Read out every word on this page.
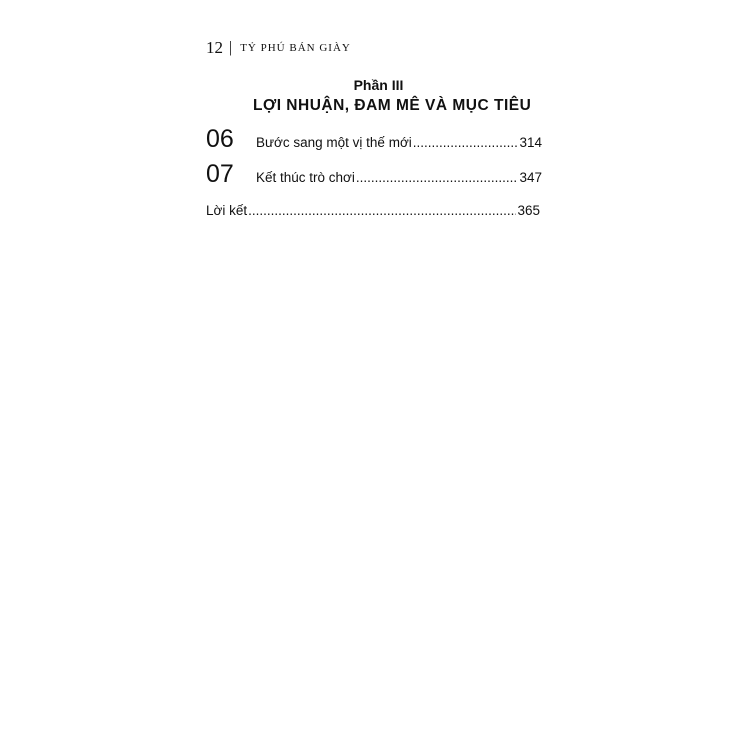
12 | TỶ PHÚ BÁN GIÀY
Phần III
LỢI NHUẬN, ĐAM MÊ VÀ MỤC TIÊU
06	Bước sang một vị thế mới .....	314
07	Kết thúc trò chơi .....	347
Lời kết .....	365
